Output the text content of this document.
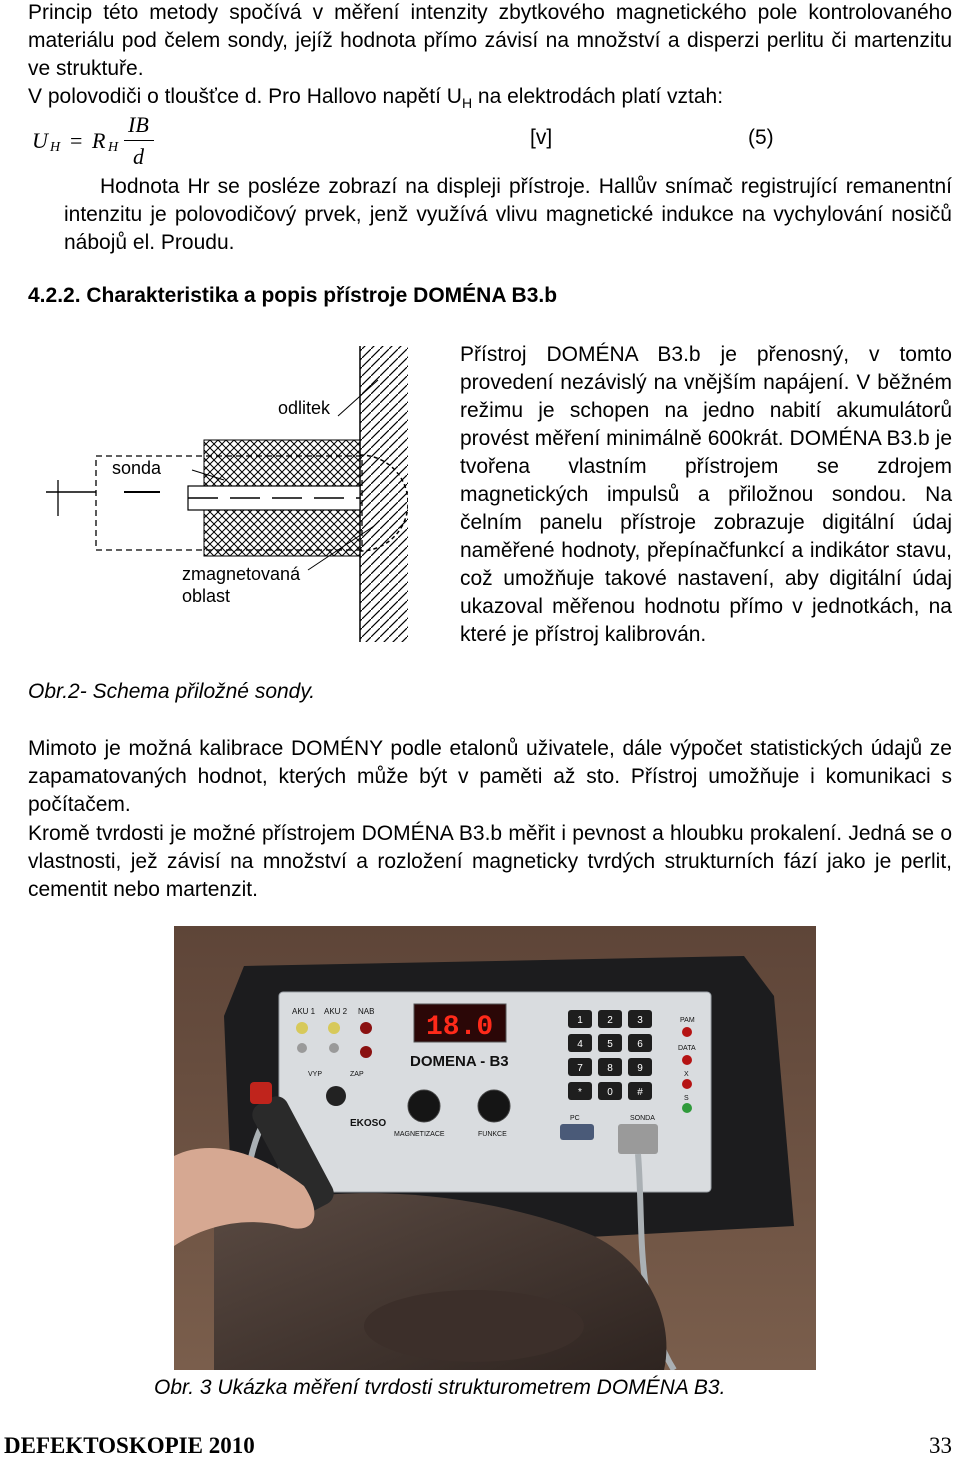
Princip této metody spočívá v měření intenzity zbytkového magnetického pole kontrolovaného materiálu pod čelem sondy, jejíž hodnota přímo závisí na množství a disperzi perlitu či martenzitu ve struktuře.

V polovodiči o tloušťce d. Pro Hallovo napětí $U_H$ na elektrodách platí vztah:

U H = R H
IB
d
[v]	(5)

Hodnota Hr se posléze zobrazí na displeji přístroje. Hallův snímač registrující remanentní intenzitu je polovodičový prvek, jenž využívá vlivu magnetické indukce na vychylování nosičů nábojů el. Proudu.

4.2.2. Charakteristika a popis přístroje DOMÉNA B3.b

odlitek
sonda
zmagnetovaná
oblast

Obr.2- Schema přiložné sondy.

Přístroj DOMÉNA B3.b je přenosný, v tomto provedení nezávislý na vnějším napájení. V běžném režimu je schopen na jedno nabití akumulátorů provést měření minimálně 600krát. DOMÉNA B3.b je tvořena vlastním přístrojem se zdrojem magnetických impulsů a přiložnou sondou. Na čelním panelu přístroje zobrazuje digitální údaj naměřené hodnoty, přepínačfunkcí a indikátor stavu, což umožňuje takové nastavení, aby digitální údaj ukazoval měřenou hodnotu přímo v jednotkách, na které je přístroj kalibrován.

Mimoto je možná kalibrace DOMÉNY podle etalonů uživatele, dále výpočet statistických údajů ze zapamatovaných hodnot, kterých může být v paměti až sto. Přístroj umožňuje i komunikaci s počítačem.

Kromě tvrdosti je možné přístrojem DOMÉNA B3.b měřit i pevnost a hloubku prokalení. Jedná se o vlastnosti, jež závisí na množství a rozložení magneticky tvrdých strukturních fází jako je perlit, cementit nebo martenzit.

AKU 1 AKU 2 NAB
18.0
DOMENA - B3
VYP	ZAP
EKOSO
MAGNETIZACE	FUNKCE
1 2 3
4 5 6
7 8 9
*	0 #
PAM
DATA
X
S
PC	SONDA

Obr. 3 Ukázka měření tvrdosti strukturometrem DOMÉNA B3.

DEFEKTOSKOPIE 2010	33
